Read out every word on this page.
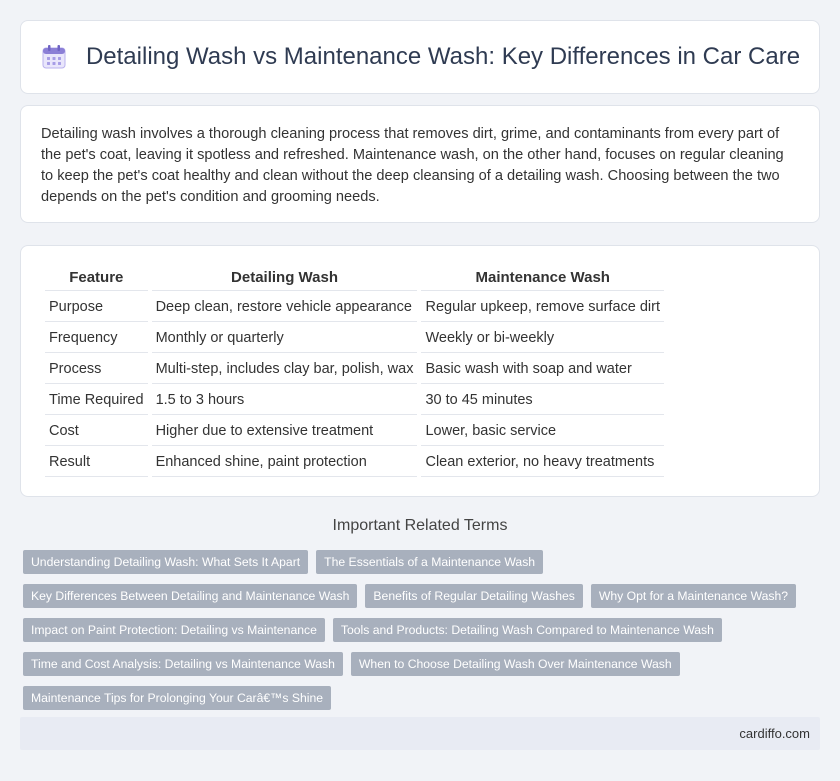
Detailing Wash vs Maintenance Wash: Key Differences in Car Care

Detailing wash involves a thorough cleaning process that removes dirt, grime, and contaminants from every part of the pet's coat, leaving it spotless and refreshed. Maintenance wash, on the other hand, focuses on regular cleaning to keep the pet's coat healthy and clean without the deep cleansing of a detailing wash. Choosing between the two depends on the pet's condition and grooming needs.

Feature	Detailing Wash	Maintenance Wash
Purpose	Deep clean, restore vehicle appearance	Regular upkeep, remove surface dirt
Frequency	Monthly or quarterly	Weekly or bi-weekly
Process	Multi-step, includes clay bar, polish, wax	Basic wash with soap and water
Time Required	1.5 to 3 hours	30 to 45 minutes
Cost	Higher due to extensive treatment	Lower, basic service
Result	Enhanced shine, paint protection	Clean exterior, no heavy treatments
Important Related Terms
Understanding Detailing Wash: What Sets It Apart	The Essentials of a Maintenance Wash
Key Differences Between Detailing and Maintenance Wash	Benefits of Regular Detailing Washes	Why Opt for a Maintenance Wash?
Impact on Paint Protection: Detailing vs Maintenance	Tools and Products: Detailing Wash Compared to Maintenance Wash
Time and Cost Analysis: Detailing vs Maintenance Wash	When to Choose Detailing Wash Over Maintenance Wash
Maintenance Tips for Prolonging Your Carâ€™s Shine
cardiffo.com
